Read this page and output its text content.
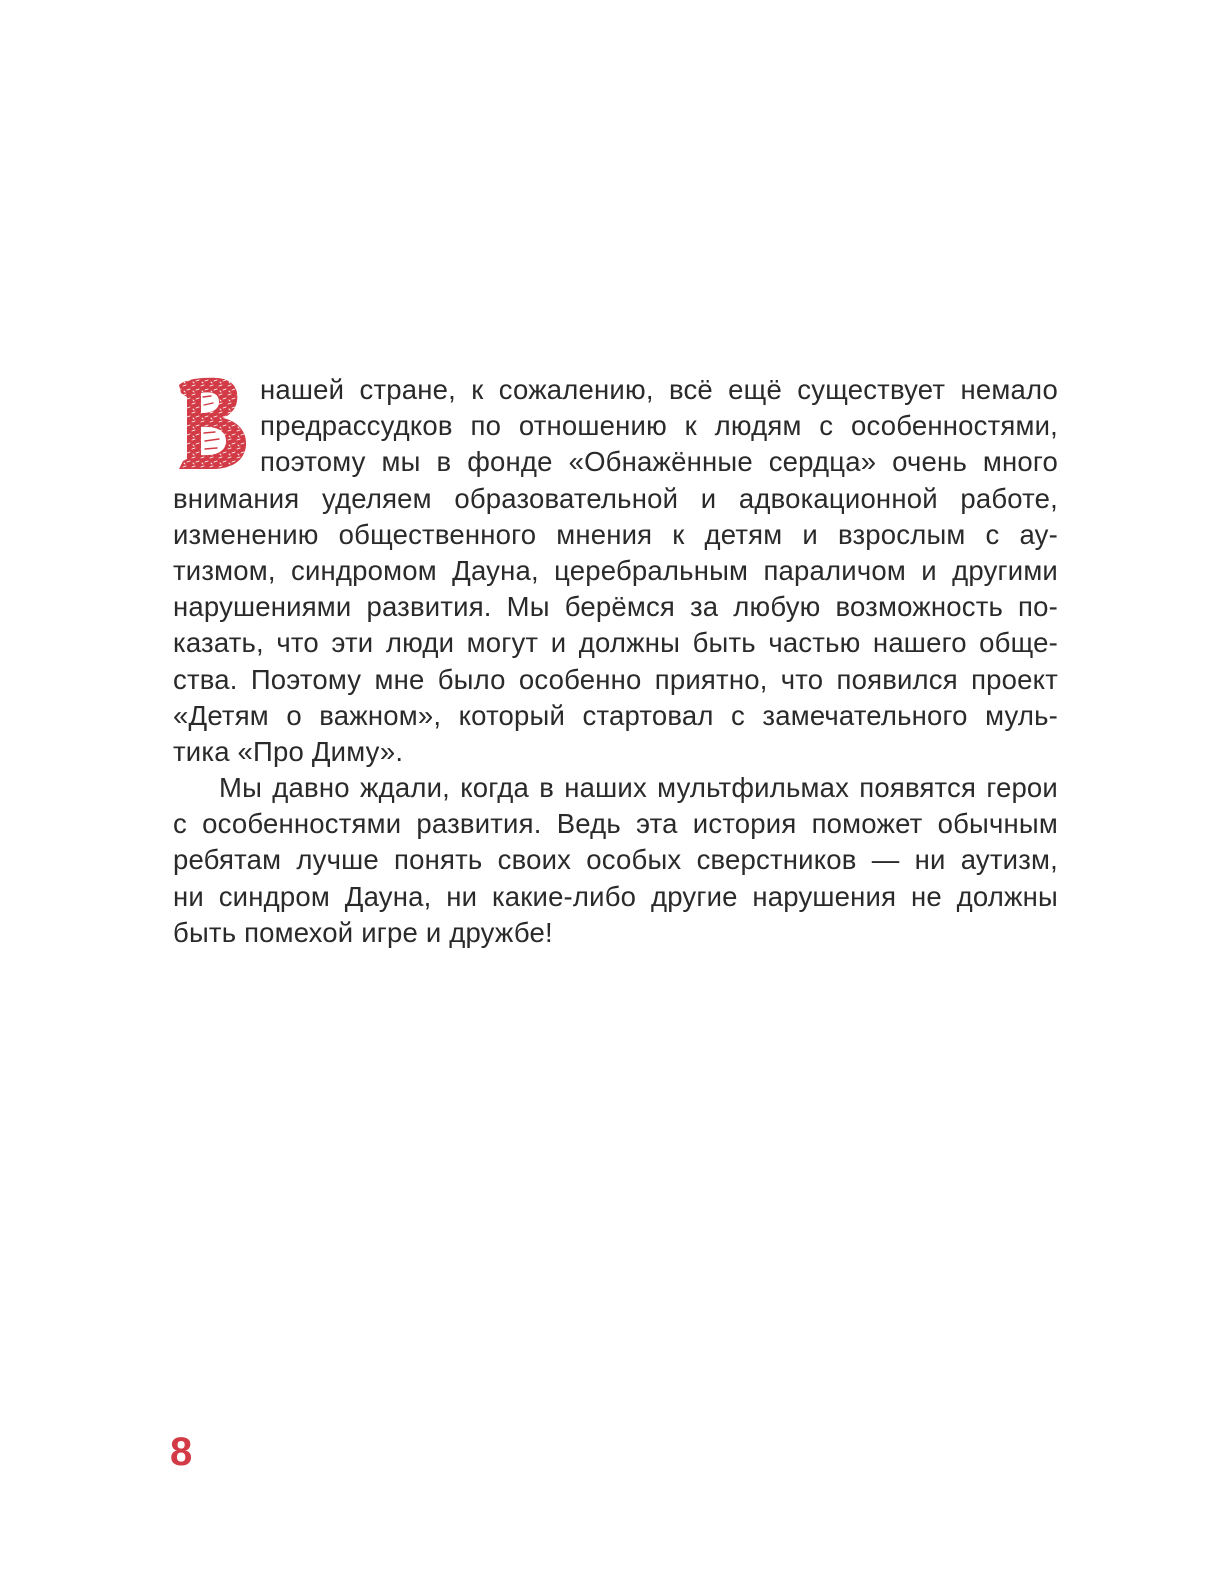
нашей стране, к сожалению, всё ещё существует немало
предрассудков по отношению к людям с особенностями,
поэтому мы в фонде «Обнажённые сердца» очень много
внимания уделяем образовательной и адвокационной работе,
изменению общественного мнения к детям и взрослым с ау-
тизмом, синдромом Дауна, церебральным параличом и другими
нарушениями развития. Мы берёмся за любую возможность по-
казать, что эти люди могут и должны быть частью нашего обще-
ства. Поэтому мне было особенно приятно, что появился проект
«Детям о важном», который стартовал с замечательного муль-
тика «Про Диму».
Мы давно ждали, когда в наших мультфильмах появятся герои
с особенностями развития. Ведь эта история поможет обычным
ребятам лучше понять своих особых сверстников — ни аутизм,
ни синдром Дауна, ни какие-либо другие нарушения не должны
быть помехой игре и дружбе!
8
